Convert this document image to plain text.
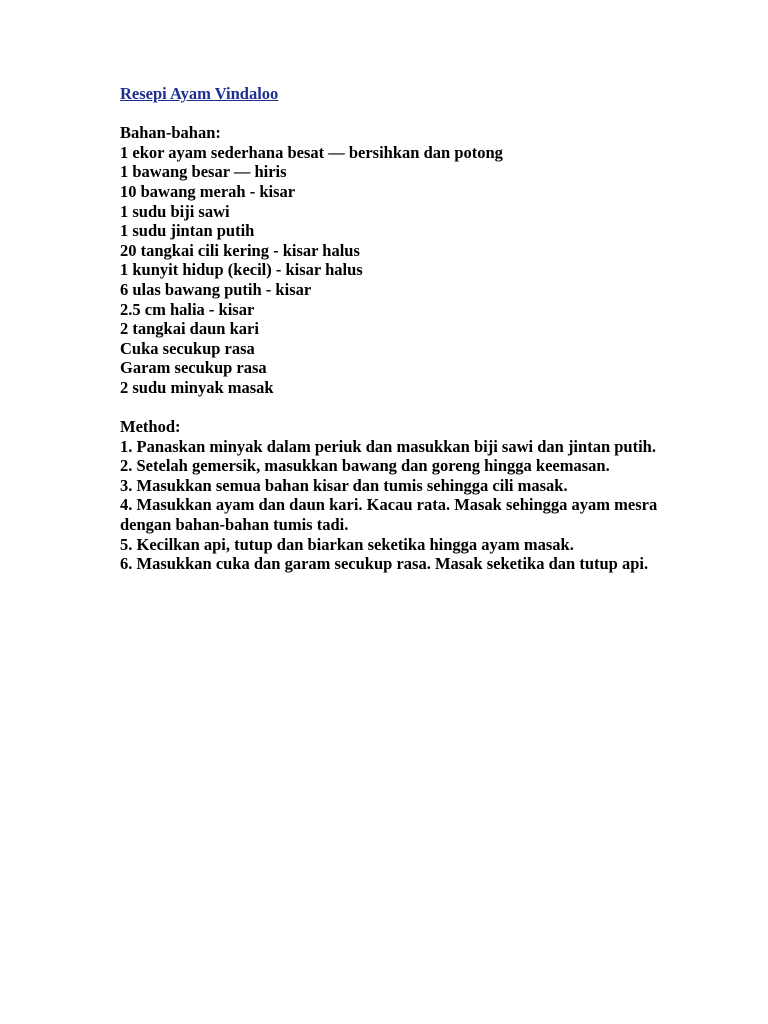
Resepi Ayam Vindaloo
Bahan-bahan:
1 ekor ayam sederhana besat — bersihkan dan potong
1 bawang besar — hiris
10 bawang merah - kisar
1 sudu biji sawi
1 sudu jintan putih
20 tangkai cili kering - kisar halus
1 kunyit hidup (kecil) - kisar halus
6 ulas bawang putih - kisar
2.5 cm halia - kisar
2 tangkai daun kari
Cuka secukup rasa
Garam secukup rasa
2 sudu minyak masak
Method:
1. Panaskan minyak dalam periuk dan masukkan biji sawi dan jintan putih.
2. Setelah gemersik, masukkan bawang dan goreng hingga keemasan.
3. Masukkan semua bahan kisar dan tumis sehingga cili masak.
4. Masukkan ayam dan daun kari. Kacau rata. Masak sehingga ayam mesra dengan bahan-bahan tumis tadi.
5. Kecilkan api, tutup dan biarkan seketika hingga ayam masak.
6. Masukkan cuka dan garam secukup rasa. Masak seketika dan tutup api.
